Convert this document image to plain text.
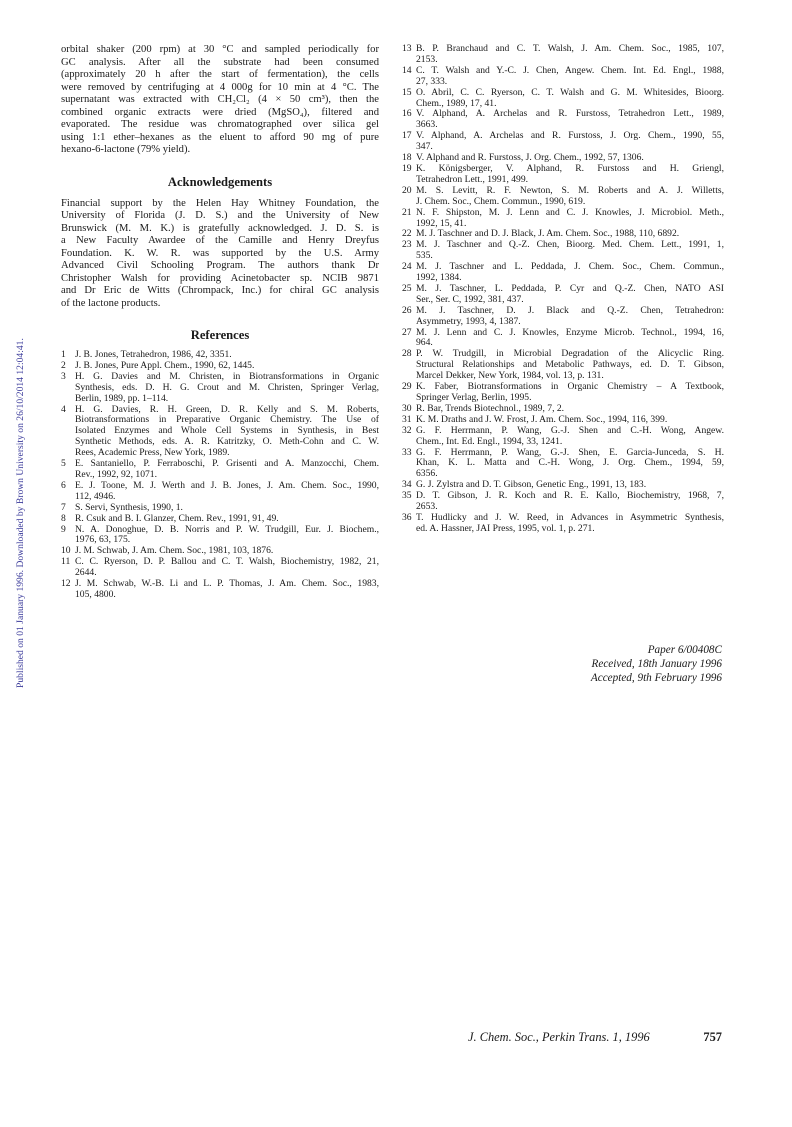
Published on 01 January 1996. Downloaded by Brown University on 26/10/2014 12:04:41.
orbital shaker (200 rpm) at 30 °C and sampled periodically for
GC analysis. After all the substrate had been consumed
(approximately 20 h after the start of fermentation), the cells
were removed by centrifuging at 4 000g for 10 min at 4 °C. The
supernatant was extracted with CH₂Cl₂ (4 × 50 cm³), then the
combined organic extracts were dried (MgSO₄), filtered and
evaporated. The residue was chromatographed over silica gel
using 1:1 ether–hexanes as the eluent to afford 90 mg of pure
hexano-6-lactone (79% yield).

Acknowledgements

Financial support by the Helen Hay Whitney Foundation, the
University of Florida (J. D. S.) and the University of New
Brunswick (M. M. K.) is gratefully acknowledged. J. D. S. is
a New Faculty Awardee of the Camille and Henry Dreyfus
Foundation. K. W. R. was supported by the U.S. Army
Advanced Civil Schooling Program. The authors thank Dr
Christopher Walsh for providing Acinetobacter sp. NCIB 9871
and Dr Eric de Witts (Chrompack, Inc.) for chiral GC analysis
of the lactone products.

References

1 J. B. Jones, Tetrahedron, 1986, 42, 3351.
2 J. B. Jones, Pure Appl. Chem., 1990, 62, 1445.
3 H. G. Davies and M. Christen, in Biotransformations in Organic
Synthesis, eds. D. H. G. Crout and M. Christen, Springer Verlag,
Berlin, 1989, pp. 1–114.
4 H. G. Davies, R. H. Green, D. R. Kelly and S. M. Roberts,
Biotransformations in Preparative Organic Chemistry. The Use of
Isolated Enzymes and Whole Cell Systems in Synthesis, in Best
Synthetic Methods, eds. A. R. Katritzky, O. Meth-Cohn and C. W.
Rees, Academic Press, New York, 1989.
5 E. Santaniello, P. Ferraboschi, P. Grisenti and A. Manzocchi, Chem.
Rev., 1992, 92, 1071.
6 E. J. Toone, M. J. Werth and J. B. Jones, J. Am. Chem. Soc., 1990,
112, 4946.
7 S. Servi, Synthesis, 1990, 1.
8 R. Csuk and B. I. Glanzer, Chem. Rev., 1991, 91, 49.
9 N. A. Donoghue, D. B. Norris and P. W. Trudgill, Eur. J. Biochem.,
1976, 63, 175.
10 J. M. Schwab, J. Am. Chem. Soc., 1981, 103, 1876.
11 C. C. Ryerson, D. P. Ballou and C. T. Walsh, Biochemistry, 1982, 21,
2644.
12 J. M. Schwab, W.-B. Li and L. P. Thomas, J. Am. Chem. Soc., 1983,
105, 4800.
13 B. P. Branchaud and C. T. Walsh, J. Am. Chem. Soc., 1985, 107,
2153.
14 C. T. Walsh and Y.-C. J. Chen, Angew. Chem. Int. Ed. Engl., 1988,
27, 333.
15 O. Abril, C. C. Ryerson, C. T. Walsh and G. M. Whitesides, Bioorg.
Chem., 1989, 17, 41.
16 V. Alphand, A. Archelas and R. Furstoss, Tetrahedron Lett., 1989,
3663.
17 V. Alphand, A. Archelas and R. Furstoss, J. Org. Chem., 1990, 55,
347.
18 V. Alphand and R. Furstoss, J. Org. Chem., 1992, 57, 1306.
19 K. Königsberger, V. Alphand, R. Furstoss and H. Griengl,
Tetrahedron Lett., 1991, 499.
20 M. S. Levitt, R. F. Newton, S. M. Roberts and A. J. Willetts,
J. Chem. Soc., Chem. Commun., 1990, 619.
21 N. F. Shipston, M. J. Lenn and C. J. Knowles, J. Microbiol. Meth.,
1992, 15, 41.
22 M. J. Taschner and D. J. Black, J. Am. Chem. Soc., 1988, 110, 6892.
23 M. J. Taschner and Q.-Z. Chen, Bioorg. Med. Chem. Lett., 1991, 1,
535.
24 M. J. Taschner and L. Peddada, J. Chem. Soc., Chem. Commun.,
1992, 1384.
25 M. J. Taschner, L. Peddada, P. Cyr and Q.-Z. Chen, NATO ASI
Ser., Ser. C, 1992, 381, 437.
26 M. J. Taschner, D. J. Black and Q.-Z. Chen, Tetrahedron:
Asymmetry, 1993, 4, 1387.
27 M. J. Lenn and C. J. Knowles, Enzyme Microb. Technol., 1994, 16,
964.
28 P. W. Trudgill, in Microbial Degradation of the Alicyclic Ring.
Structural Relationships and Metabolic Pathways, ed. D. T. Gibson,
Marcel Dekker, New York, 1984, vol. 13, p. 131.
29 K. Faber, Biotransformations in Organic Chemistry – A Textbook,
Springer Verlag, Berlin, 1995.
30 R. Bar, Trends Biotechnol., 1989, 7, 2.
31 K. M. Draths and J. W. Frost, J. Am. Chem. Soc., 1994, 116, 399.
32 G. F. Herrmann, P. Wang, G.-J. Shen and C.-H. Wong, Angew.
Chem., Int. Ed. Engl., 1994, 33, 1241.
33 G. F. Herrmann, P. Wang, G.-J. Shen, E. Garcia-Junceda, S. H.
Khan, K. L. Matta and C.-H. Wong, J. Org. Chem., 1994, 59,
6356.
34 G. J. Zylstra and D. T. Gibson, Genetic Eng., 1991, 13, 183.
35 D. T. Gibson, J. R. Koch and R. E. Kallo, Biochemistry, 1968, 7,
2653.
36 T. Hudlicky and J. W. Reed, in Advances in Asymmetric Synthesis,
ed. A. Hassner, JAI Press, 1995, vol. 1, p. 271.
Paper 6/00408C
Received, 18th January 1996
Accepted, 9th February 1996
J. Chem. Soc., Perkin Trans. 1, 1996	757
